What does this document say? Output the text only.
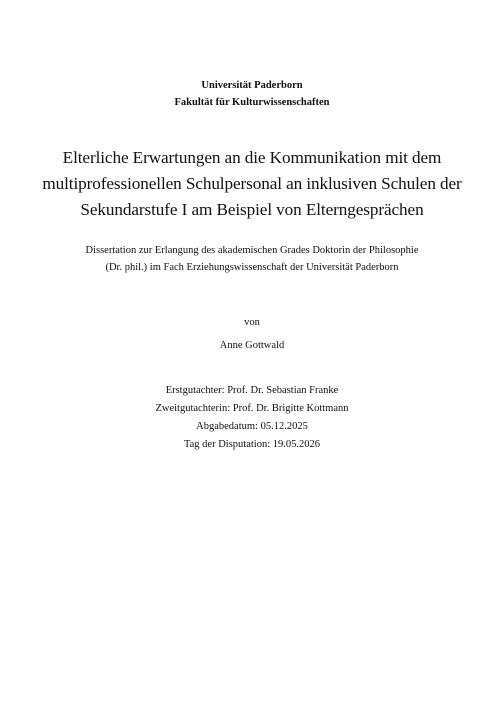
Universität Paderborn
Fakultät für Kulturwissenschaften
Elterliche Erwartungen an die Kommunikation mit dem
multiprofessionellen Schulpersonal an inklusiven Schulen der
Sekundarstufe I am Beispiel von Elterngesprächen
Dissertation zur Erlangung des akademischen Grades Doktorin der Philosophie
(Dr. phil.) im Fach Erziehungswissenschaft der Universität Paderborn
von
Anne Gottwald
Erstgutachter: Prof. Dr. Sebastian Franke
Zweitgutachterin: Prof. Dr. Brigitte Kottmann
Abgabedatum: 05.12.2025
Tag der Disputation: 19.05.2026
